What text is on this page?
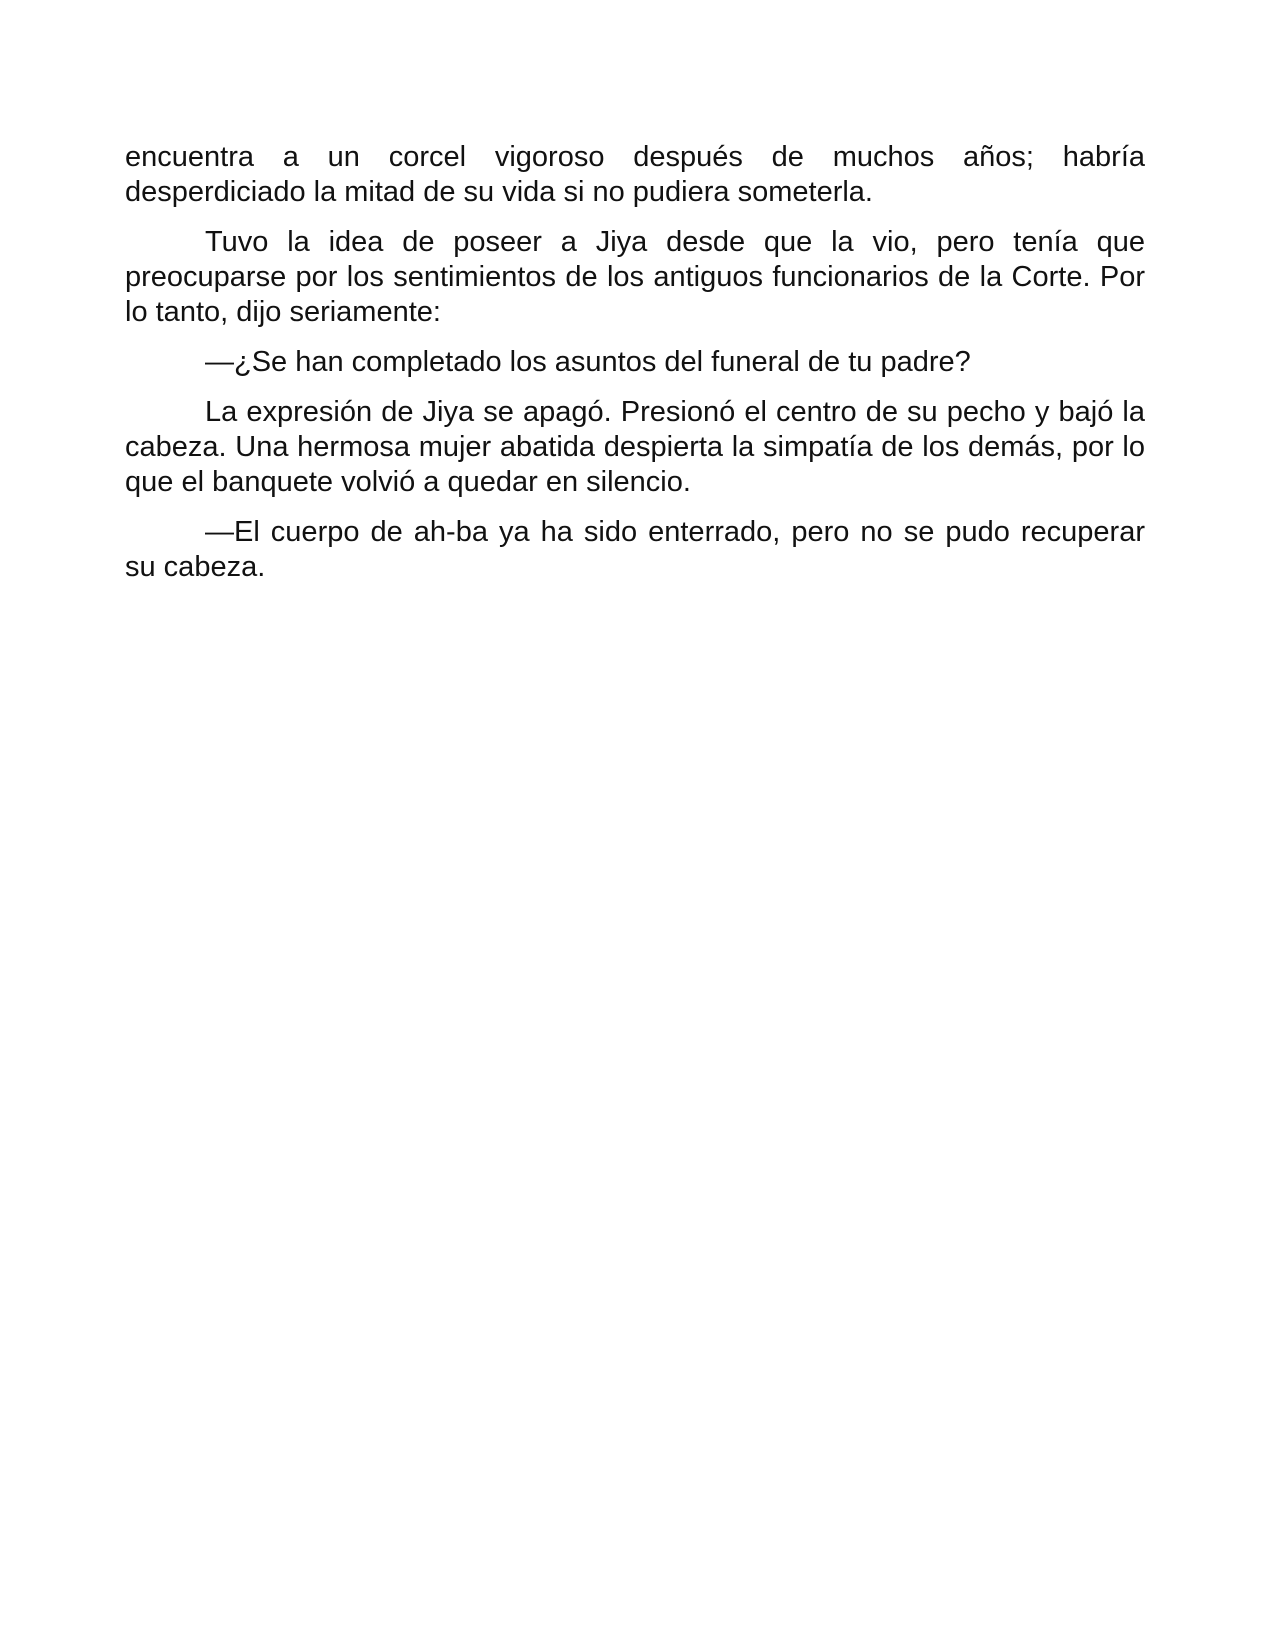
encuentra a un corcel vigoroso después de muchos años; habría desperdiciado la mitad de su vida si no pudiera someterla.

Tuvo la idea de poseer a Jiya desde que la vio, pero tenía que preocuparse por los sentimientos de los antiguos funcionarios de la Corte. Por lo tanto, dijo seriamente:

—¿Se han completado los asuntos del funeral de tu padre?

La expresión de Jiya se apagó. Presionó el centro de su pecho y bajó la cabeza. Una hermosa mujer abatida despierta la simpatía de los demás, por lo que el banquete volvió a quedar en silencio.

—El cuerpo de ah-ba ya ha sido enterrado, pero no se pudo recuperar su cabeza.
